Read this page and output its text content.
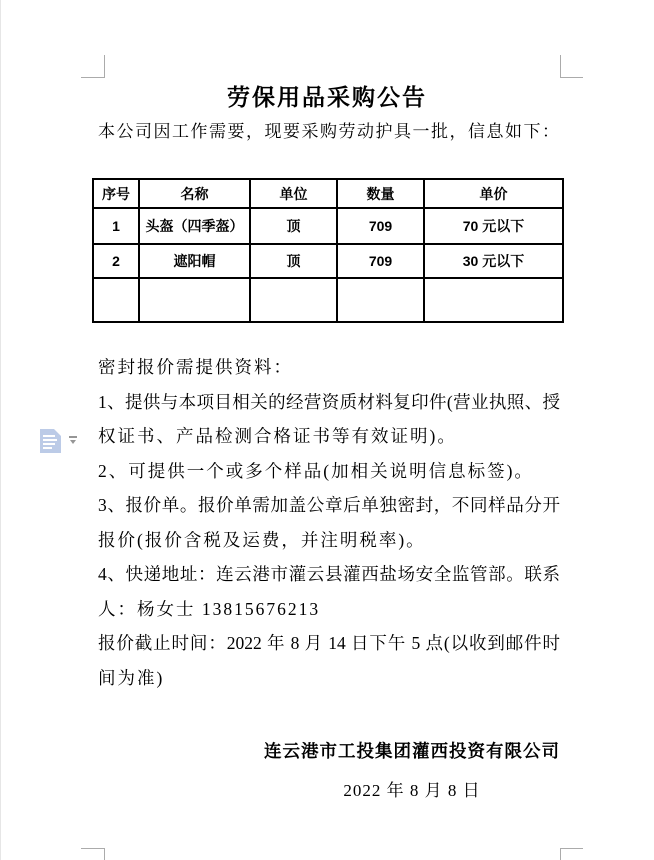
劳保用品采购公告
本公司因工作需要，现要采购劳动护具一批，信息如下：
序号	名称	单位	数量	单价
1	头盔（四季盔）	顶	709	70 元以下
2	遮阳帽	顶	709	30 元以下

密封报价需提供资料：
1、提供与本项目相关的经营资质材料复印件(营业执照、授
权证书、产品检测合格证书等有效证明)。
2、可提供一个或多个样品(加相关说明信息标签)。
3、报价单。报价单需加盖公章后单独密封，不同样品分开
报价(报价含税及运费，并注明税率)。
4、快递地址：连云港市灌云县灌西盐场安全监管部。联系
人：杨女士 13815676213
报价截止时间：2022 年 8 月 14 日下午 5 点(以收到邮件时
间为准)
连云港市工投集团灌西投资有限公司
2022 年 8 月 8 日
